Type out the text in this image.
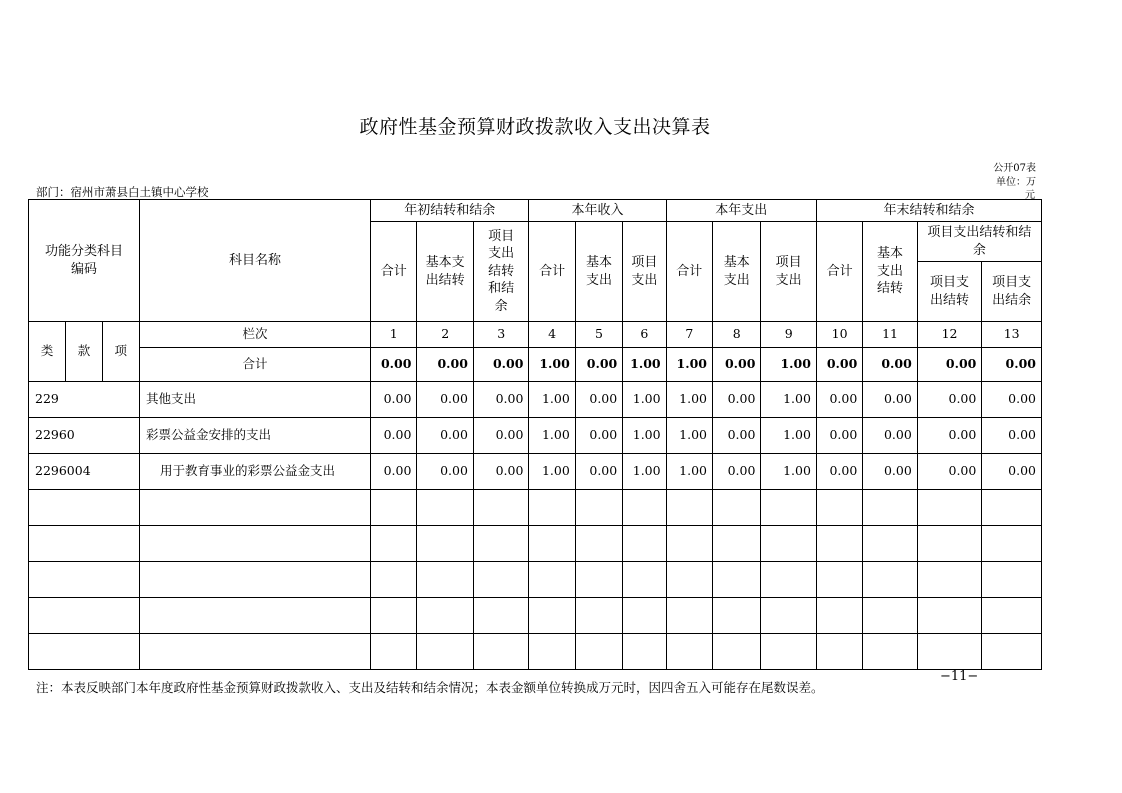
政府性基金预算财政拨款收入支出决算表
公开07表
单位：万
元
部门：宿州市萧县白土镇中心学校
功能分类科目编码			科目名称	年初结转和结余			本年收入			本年支出			年末结转和结余			
				合计	基本支出结转	项目支出结转和结余	合计	基本支出	项目支出	合计	基本支出	项目支出	合计	基本支出结转	项目支出结转和结余	
															项目支出结转	项目支出结余
类	款	项	栏次	1	2	3	4	5	6	7	8	9	10	11	12	13
			合计	0.00	0.00	0.00	1.00	0.00	1.00	1.00	0.00	1.00	0.00	0.00	0.00	0.00
229			其他支出	0.00	0.00	0.00	1.00	0.00	1.00	1.00	0.00	1.00	0.00	0.00	0.00	0.00
22960			彩票公益金安排的支出	0.00	0.00	0.00	1.00	0.00	1.00	1.00	0.00	1.00	0.00	0.00	0.00	0.00
2296004			用于教育事业的彩票公益金支出	0.00	0.00	0.00	1.00	0.00	1.00	1.00	0.00	1.00	0.00	0.00	0.00	0.00

注：本表反映部门本年度政府性基金预算财政拨款收入、支出及结转和结余情况；本表金额单位转换成万元时，因四舍五入可能存在尾数误差。
−11−
